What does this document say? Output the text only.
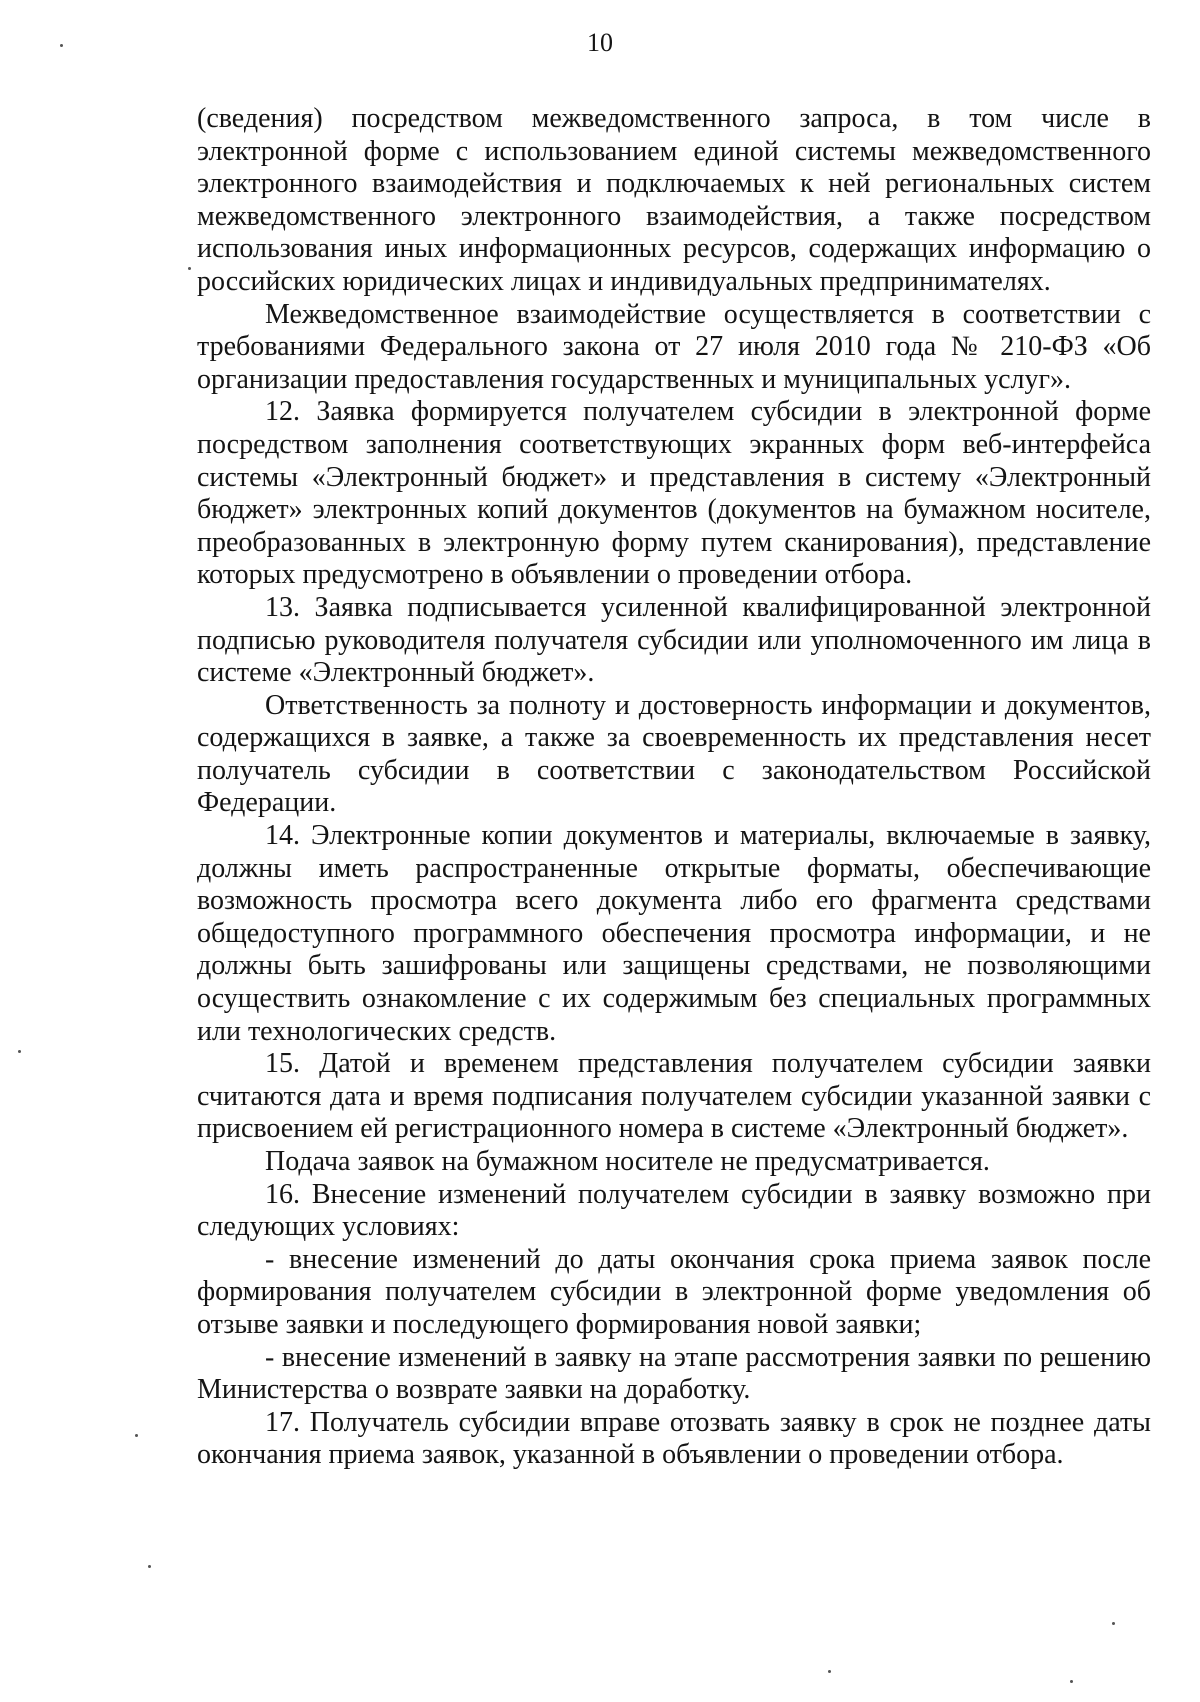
10

(сведения) посредством межведомственного запроса, в том числе в электронной форме с использованием единой системы межведомственного электронного взаимодействия и подключаемых к ней региональных систем межведомственного электронного взаимодействия, а также посредством использования иных информационных ресурсов, содержащих информацию о российских юридических лицах и индивидуальных предпринимателях.

Межведомственное взаимодействие осуществляется в соответствии с требованиями Федерального закона от 27 июля 2010 года № 210-ФЗ «Об организации предоставления государственных и муниципальных услуг».

12. Заявка формируется получателем субсидии в электронной форме посредством заполнения соответствующих экранных форм веб-интерфейса системы «Электронный бюджет» и представления в систему «Электронный бюджет» электронных копий документов (документов на бумажном носителе, преобразованных в электронную форму путем сканирования), представление которых предусмотрено в объявлении о проведении отбора.

13. Заявка подписывается усиленной квалифицированной электронной подписью руководителя получателя субсидии или уполномоченного им лица в системе «Электронный бюджет».

Ответственность за полноту и достоверность информации и документов, содержащихся в заявке, а также за своевременность их представления несет получатель субсидии в соответствии с законодательством Российской Федерации.

14. Электронные копии документов и материалы, включаемые в заявку, должны иметь распространенные открытые форматы, обеспечивающие возможность просмотра всего документа либо его фрагмента средствами общедоступного программного обеспечения просмотра информации, и не должны быть зашифрованы или защищены средствами, не позволяющими осуществить ознакомление с их содержимым без специальных программных или технологических средств.

15. Датой и временем представления получателем субсидии заявки считаются дата и время подписания получателем субсидии указанной заявки с присвоением ей регистрационного номера в системе «Электронный бюджет».

Подача заявок на бумажном носителе не предусматривается.

16. Внесение изменений получателем субсидии в заявку возможно при следующих условиях:

- внесение изменений до даты окончания срока приема заявок после формирования получателем субсидии в электронной форме уведомления об отзыве заявки и последующего формирования новой заявки;

- внесение изменений в заявку на этапе рассмотрения заявки по решению Министерства о возврате заявки на доработку.

17. Получатель субсидии вправе отозвать заявку в срок не позднее даты окончания приема заявок, указанной в объявлении о проведении отбора.
